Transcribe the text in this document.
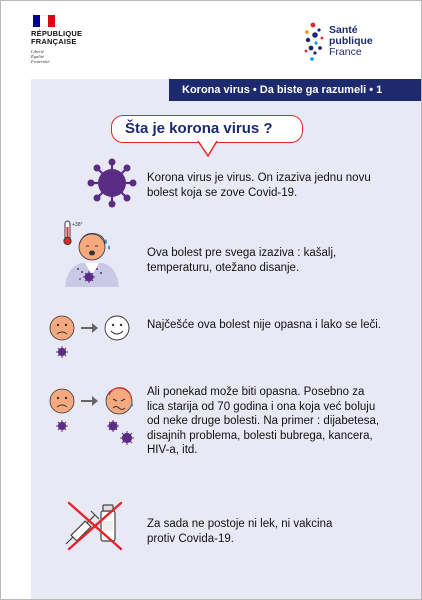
RÉPUBLIQUE
FRANÇAISE
Liberté
Égalité
Fraternité
Santé
publique
France
Korona virus • Da biste ga razumeli • 1
Šta je korona virus ?
Korona virus je virus. On izaziva jednu novu
bolest koja se zove Covid-19.
+38°
Ova bolest pre svega izaziva : kašalj,
temperaturu, otežano disanje.
Najčešće ova bolest nije opasna i lako se leči.
Ali ponekad može biti opasna. Posebno za
lica starija od 70 godina i ona koja već boluju
od neke druge bolesti. Na primer : dijabetesa,
disajnih problema, bolesti bubrega, kancera,
HIV-a, itd.
Za sada ne postoje ni lek, ni vakcina
protiv Covida-19.
